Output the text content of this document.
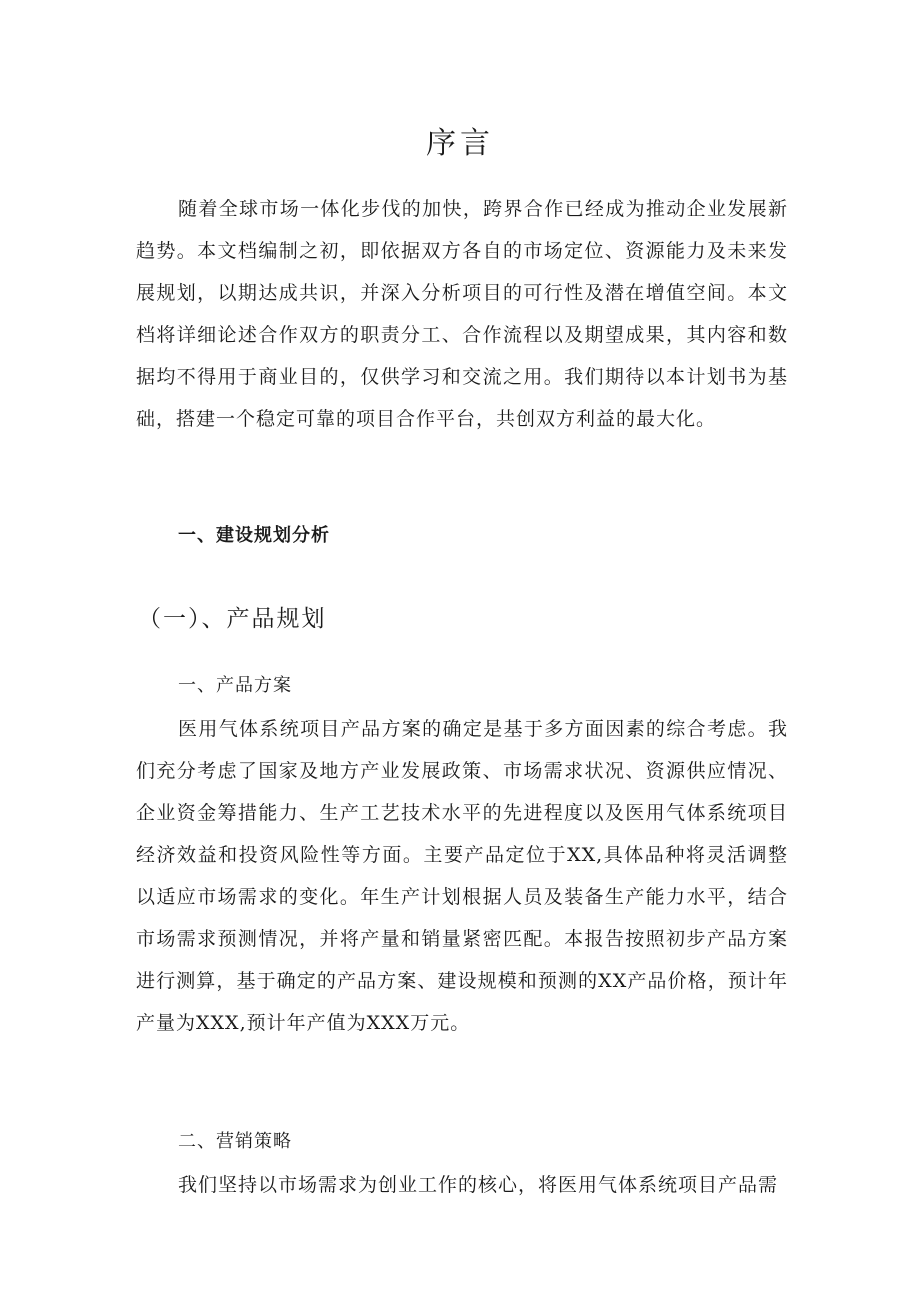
序言

随着全球市场一体化步伐的加快，跨界合作已经成为推动企业发展新趋势。本文档编制之初，即依据双方各自的市场定位、资源能力及未来发展规划，以期达成共识，并深入分析项目的可行性及潜在增值空间。本文档将详细论述合作双方的职责分工、合作流程以及期望成果，其内容和数据均不得用于商业目的，仅供学习和交流之用。我们期待以本计划书为基础，搭建一个稳定可靠的项目合作平台，共创双方利益的最大化。

一、建设规划分析
（一）、产品规划
一、产品方案

医用气体系统项目产品方案的确定是基于多方面因素的综合考虑。我们充分考虑了国家及地方产业发展政策、市场需求状况、资源供应情况、企业资金筹措能力、生产工艺技术水平的先进程度以及医用气体系统项目经济效益和投资风险性等方面。主要产品定位于XX,具体品种将灵活调整以适应市场需求的变化。年生产计划根据人员及装备生产能力水平，结合市场需求预测情况，并将产量和销量紧密匹配。本报告按照初步产品方案进行测算，基于确定的产品方案、建设规模和预测的XX产品价格，预计年产量为XXX,预计年产值为XXX万元。

二、营销策略

我们坚持以市场需求为创业工作的核心，将医用气体系统项目产品需
